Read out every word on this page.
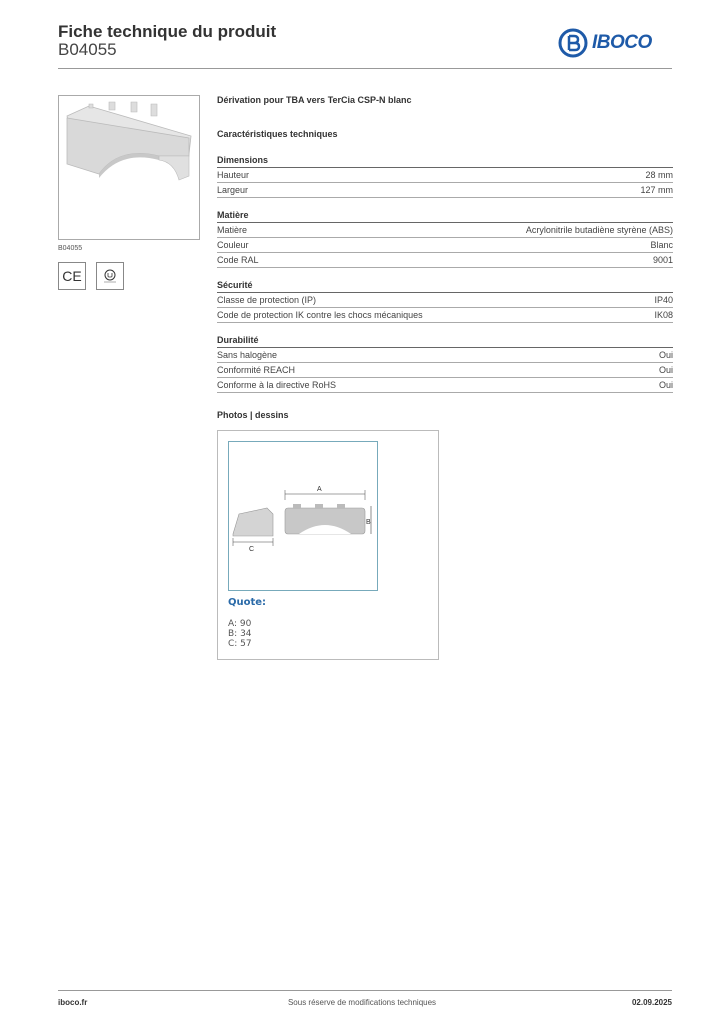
Fiche technique du produit
B04055	IBOCO
B04055
CE
Dérivation pour TBA vers TerCia CSP-N blanc
Caractéristiques techniques
Dimensions
Hauteur	28 mm
Largeur	127 mm
Matière
Matière	Acrylonitrile butadiène styrène (ABS)
Couleur	Blanc
Code RAL	9001
Sécurité
Classe de protection (IP)	IP40
Code de protection IK contre les chocs mécaniques	IK08
Durabilité
Sans halogène	Oui
Conformité REACH	Oui
Conforme à la directive RoHS	Oui
Photos | dessins
C
A
B
Quote:
A: 90
B: 34
C: 57
iboco.fr	Sous réserve de modifications techniques	02.09.2025
